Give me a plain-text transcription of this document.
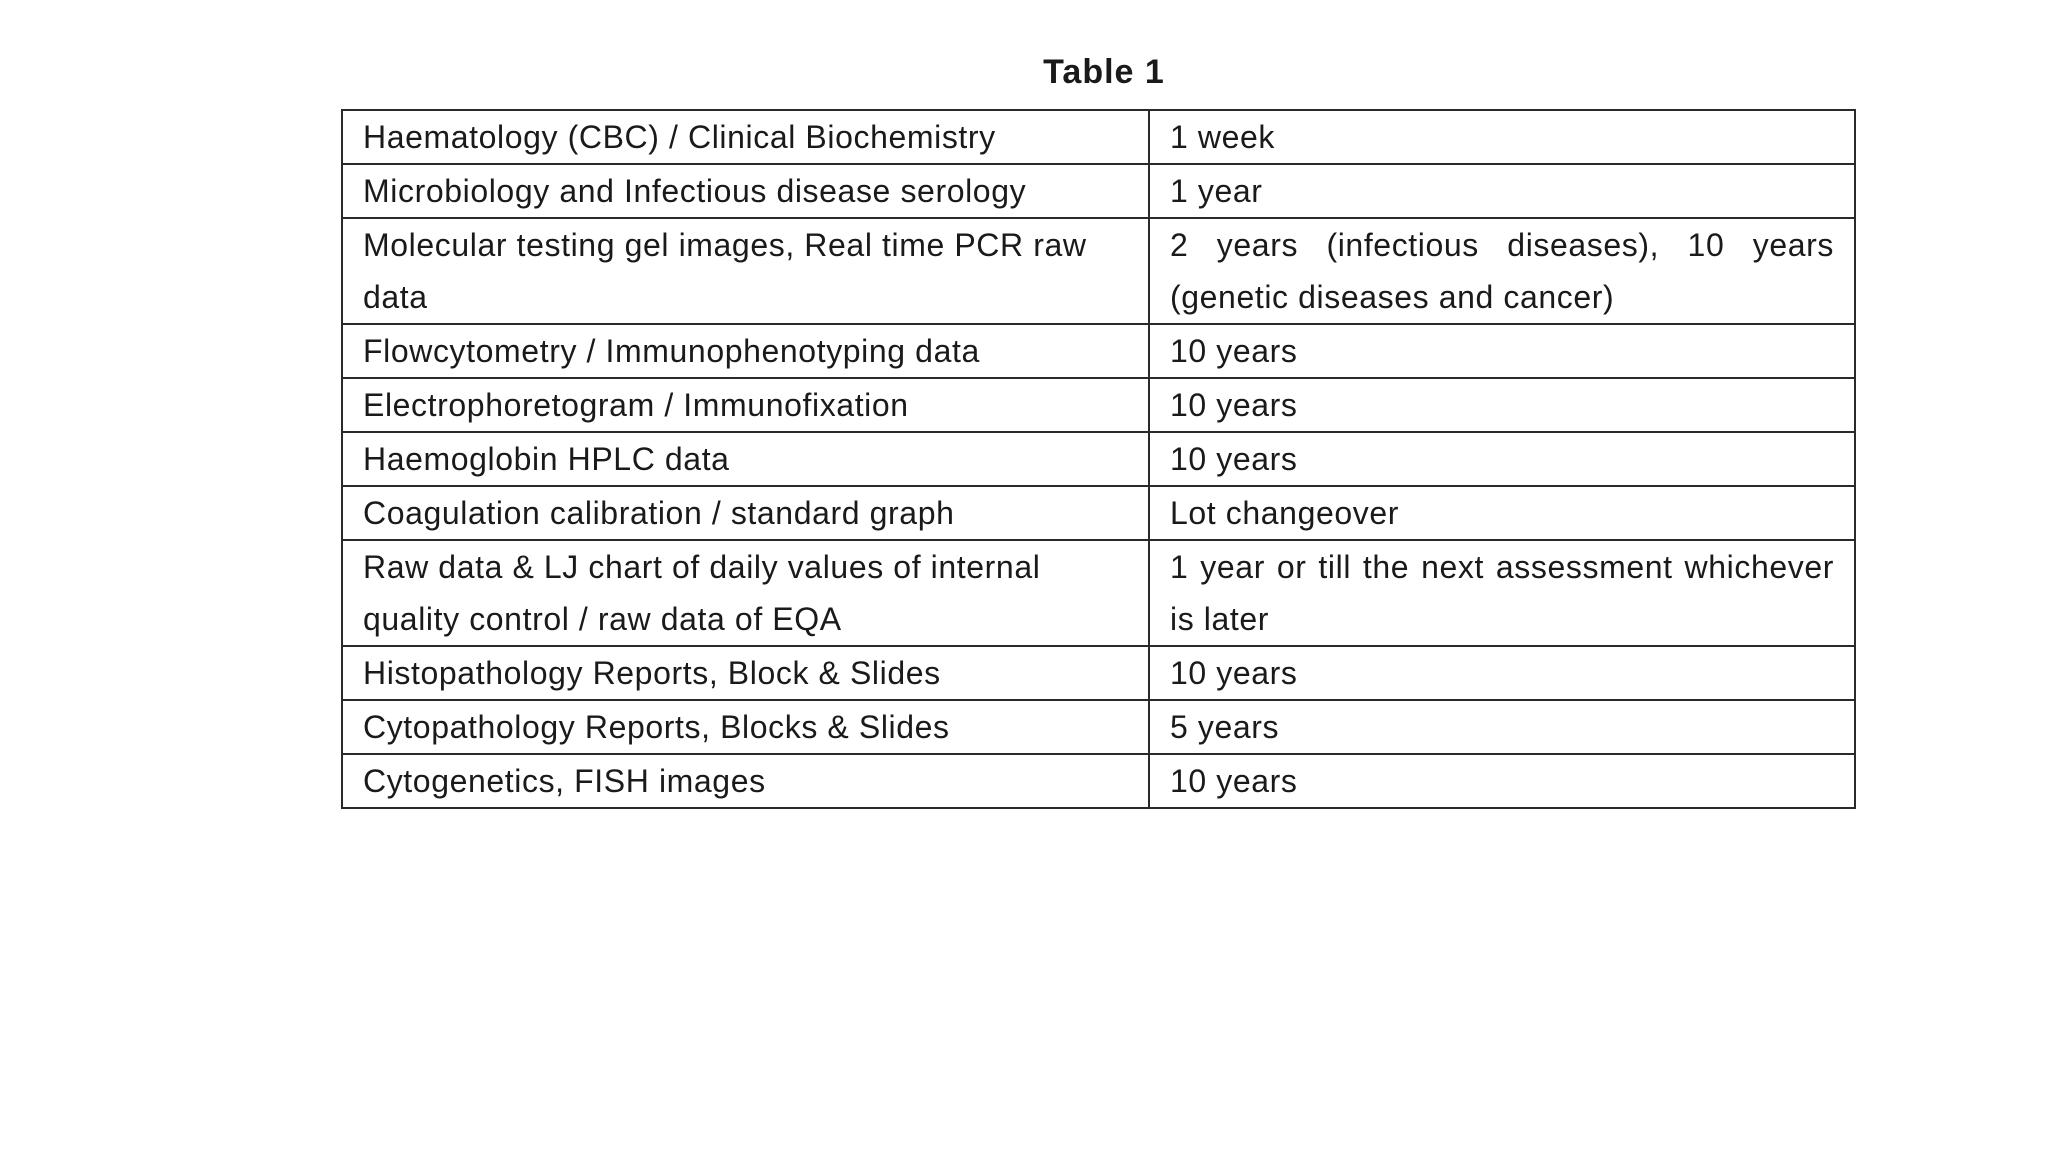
Table 1
Haematology (CBC) / Clinical Biochemistry	1 week
Microbiology and Infectious disease serology	1 year
Molecular testing gel images, Real time PCR raw data	2 years (infectious diseases), 10 years (genetic diseases and cancer)
Flowcytometry / Immunophenotyping data	10 years
Electrophoretogram / Immunofixation	10 years
Haemoglobin HPLC data	10 years
Coagulation calibration / standard graph	Lot changeover
Raw data & LJ chart of daily values of internal quality control / raw data of EQA	1 year or till the next assessment whichever is later
Histopathology Reports, Block & Slides	10 years
Cytopathology Reports, Blocks & Slides	5 years
Cytogenetics, FISH images	10 years
